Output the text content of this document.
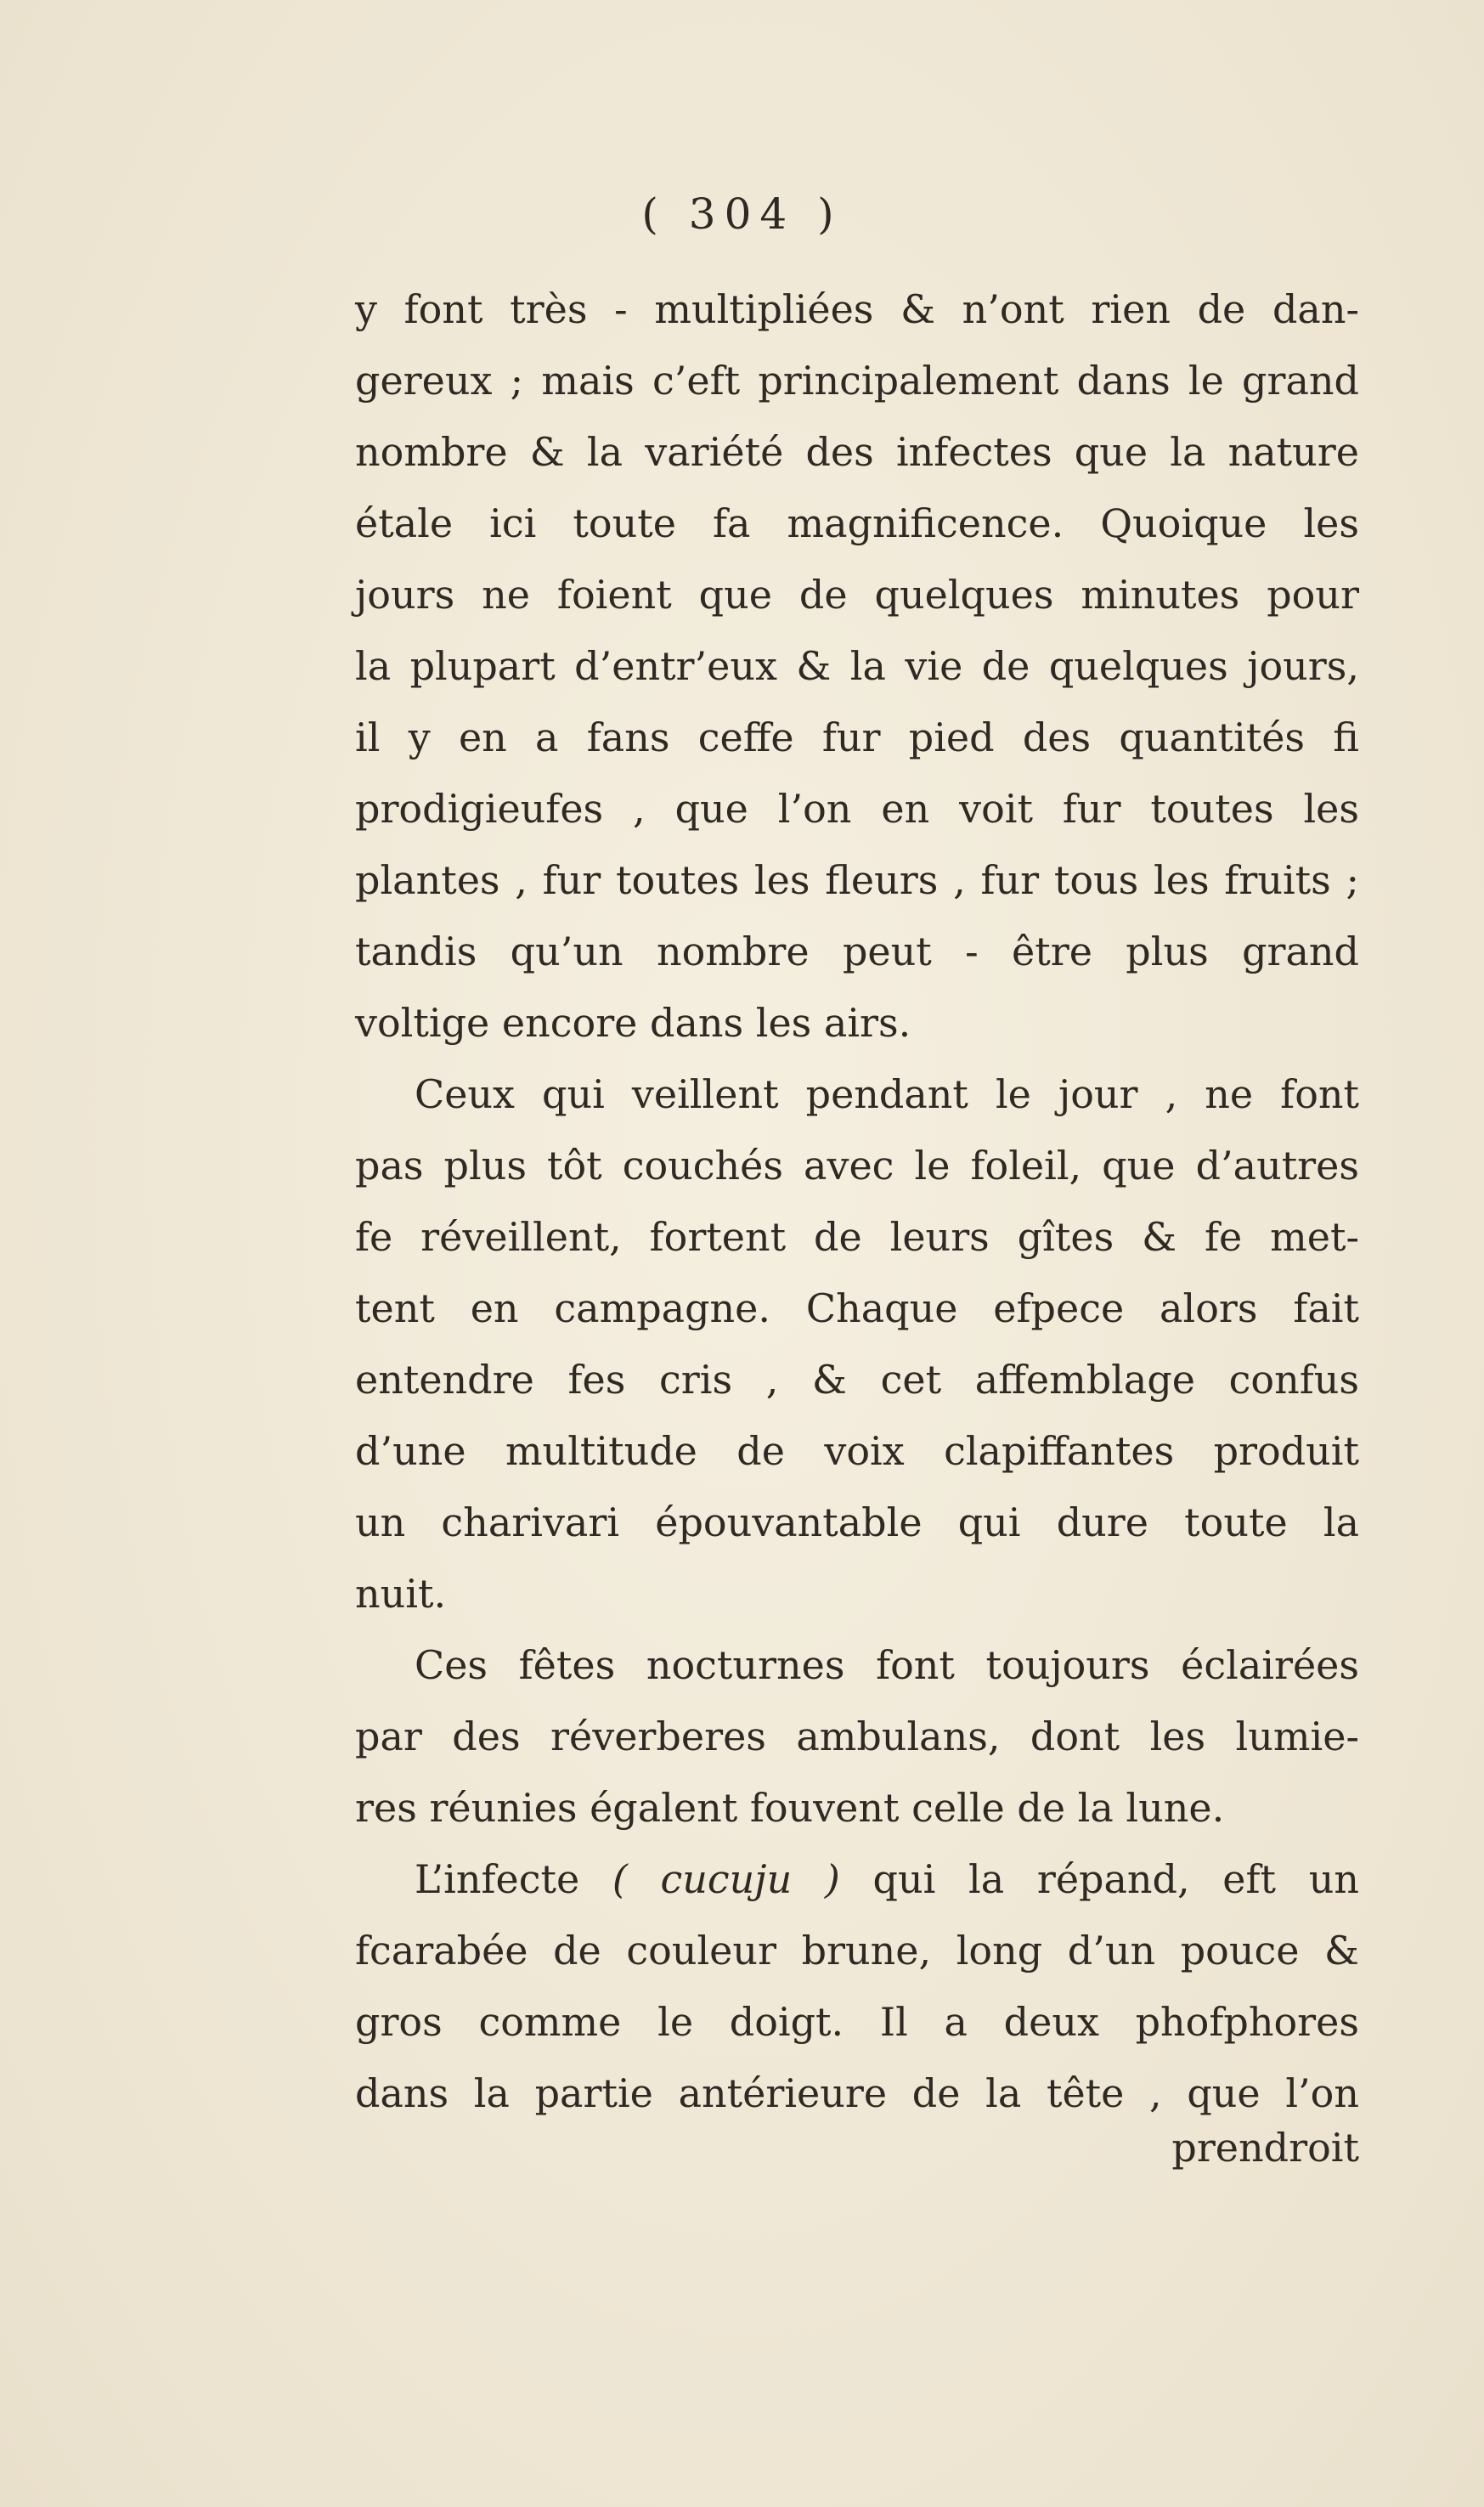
( 304 )
y font très - multipliées & n’ont rien de dan-
gereux ; mais c’eft principalement dans le grand
nombre & la variété des infectes que la nature
étale ici toute fa magnificence. Quoique les
jours ne foient que de quelques minutes pour
la plupart d’entr’eux & la vie de quelques jours,
il y en a fans ceffe fur pied des quantités fi
prodigieufes , que l’on en voit fur toutes les
plantes , fur toutes les fleurs , fur tous les fruits ;
tandis qu’un nombre peut - être plus grand
voltige encore dans les airs.
Ceux qui veillent pendant le jour , ne font
pas plus tôt couchés avec le foleil, que d’autres
fe réveillent, fortent de leurs gîtes & fe met-
tent en campagne. Chaque efpece alors fait
entendre fes cris , & cet affemblage confus
d’une multitude de voix clapiffantes produit
un charivari épouvantable qui dure toute la
nuit.
Ces fêtes nocturnes font toujours éclairées
par des réverberes ambulans, dont les lumie-
res réunies égalent fouvent celle de la lune.
L’infecte ( cucuju ) qui la répand, eft un
fcarabée de couleur brune, long d’un pouce &
gros comme le doigt. Il a deux phofphores
dans la partie antérieure de la tête , que l’on
prendroit
